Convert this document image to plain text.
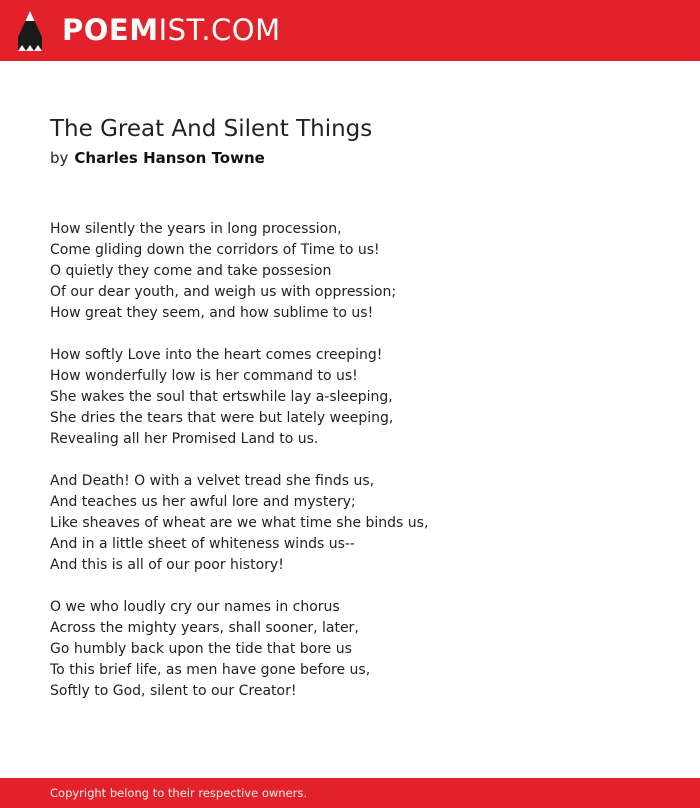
POEMIST.COM
The Great And Silent Things
by Charles Hanson Towne
How silently the years in long procession,
Come gliding down the corridors of Time to us!
O quietly they come and take possesion
Of our dear youth, and weigh us with oppression;
How great they seem, and how sublime to us!
How softly Love into the heart comes creeping!
How wonderfully low is her command to us!
She wakes the soul that ertswhile lay a-sleeping,
She dries the tears that were but lately weeping,
Revealing all her Promised Land to us.
And Death! O with a velvet tread she finds us,
And teaches us her awful lore and mystery;
Like sheaves of wheat are we what time she binds us,
And in a little sheet of whiteness winds us--
And this is all of our poor history!
O we who loudly cry our names in chorus
Across the mighty years, shall sooner, later,
Go humbly back upon the tide that bore us
To this brief life, as men have gone before us,
Softly to God, silent to our Creator!
Copyright belong to their respective owners.
